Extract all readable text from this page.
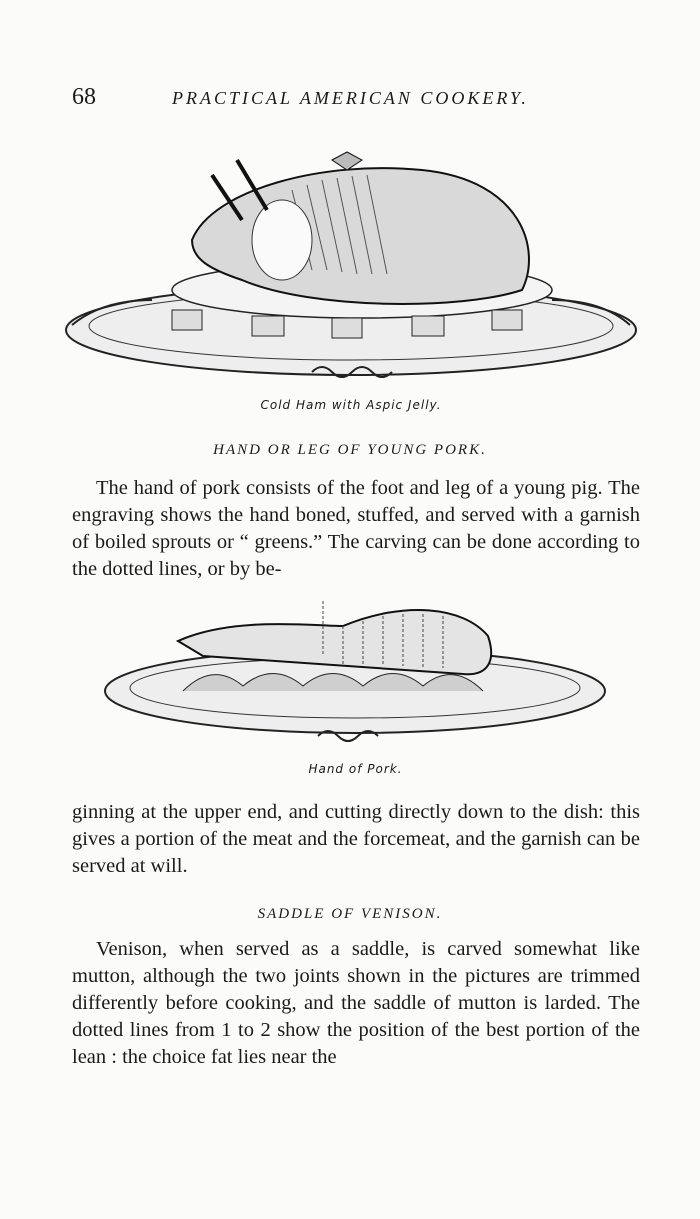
68	PRACTICAL AMERICAN COOKERY.
Cold Ham with Aspic Jelly.
HAND OR LEG OF YOUNG PORK.

The hand of pork consists of the foot and leg of a young pig. The engraving shows the hand boned, stuffed, and served with a garnish of boiled sprouts or “ greens.” The carving can be done according to the dotted lines, or by be-

Hand of Pork.

ginning at the upper end, and cutting directly down to the dish: this gives a portion of the meat and the forcemeat, and the garnish can be served at will.

SADDLE OF VENISON.

Venison, when served as a saddle, is carved somewhat like mutton, although the two joints shown in the pictures are trimmed differently before cooking, and the saddle of mutton is larded. The dotted lines from 1 to 2 show the position of the best portion of the lean : the choice fat lies near the
